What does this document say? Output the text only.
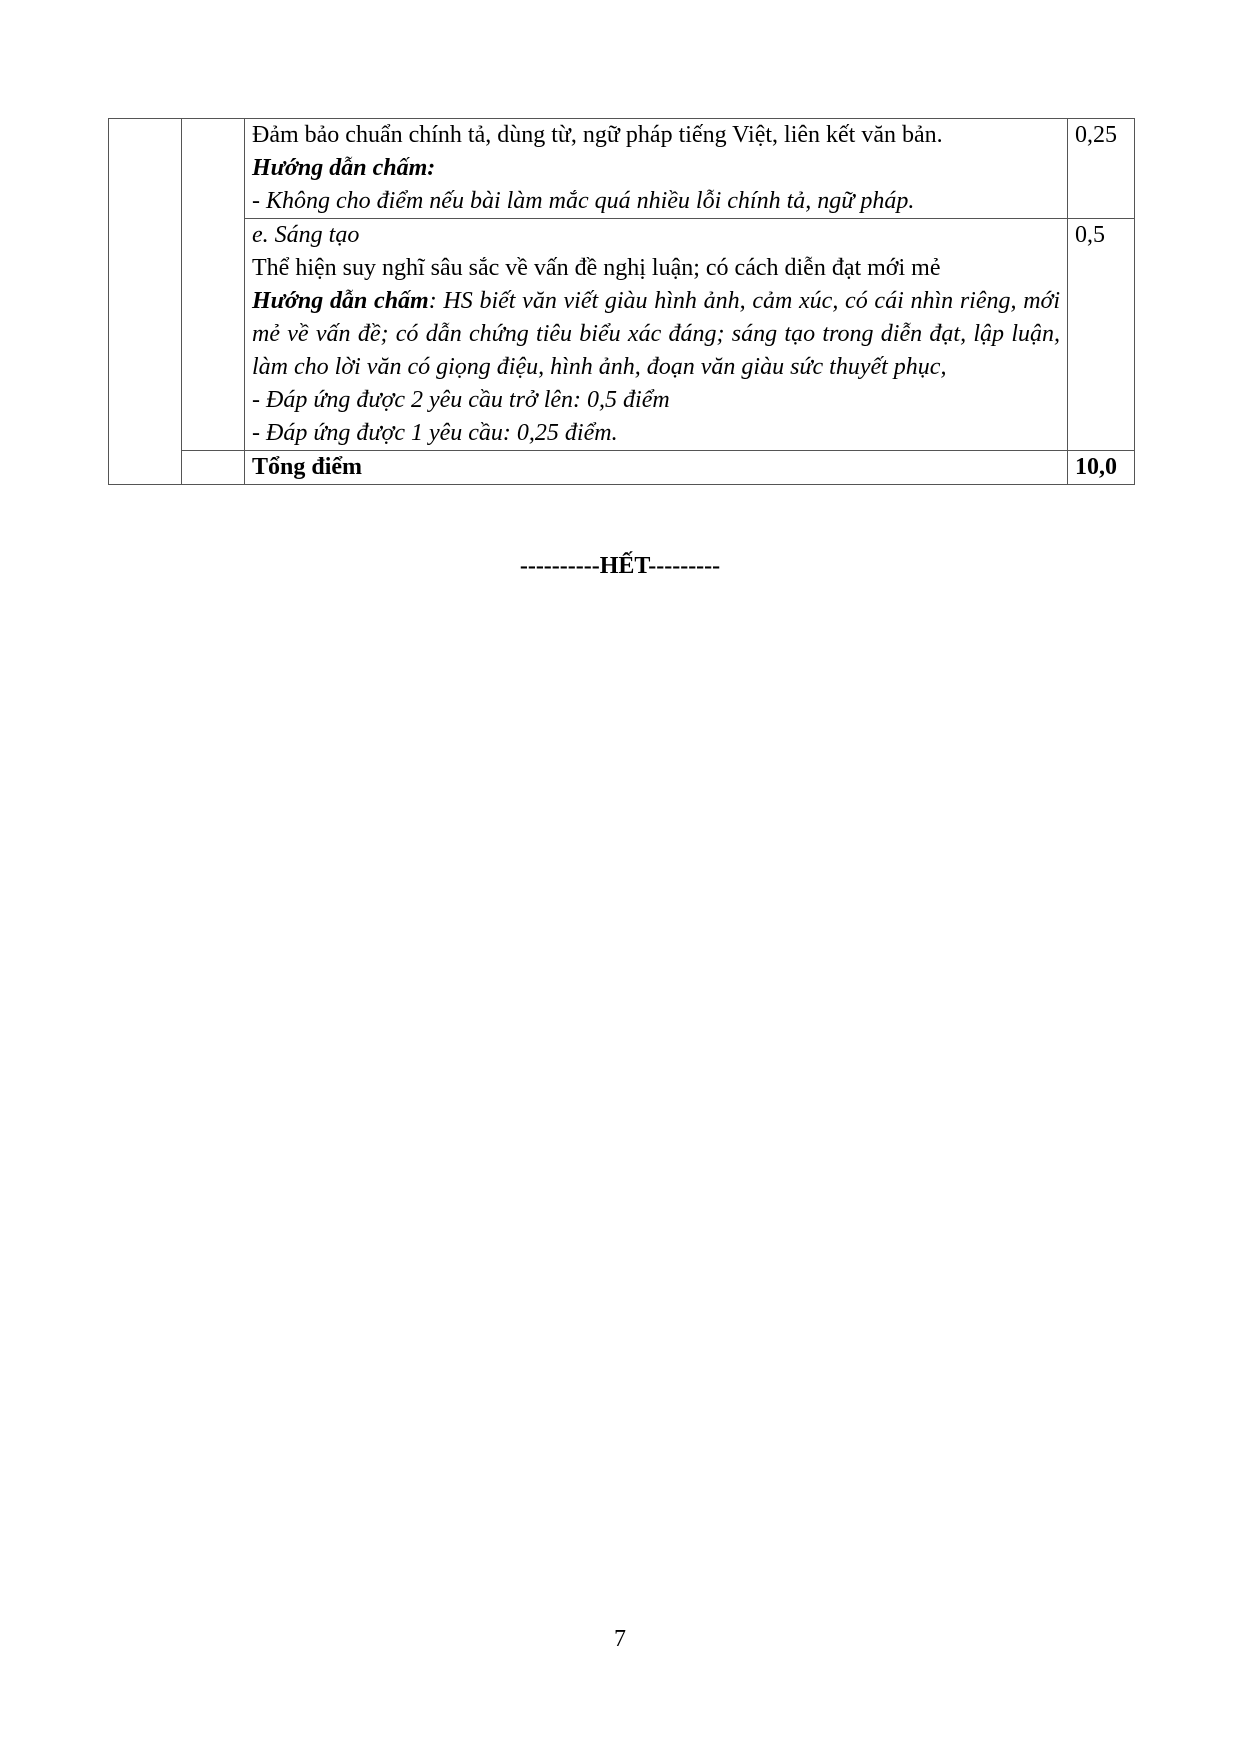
		Đảm bảo chuẩn chính tả, dùng từ, ngữ pháp tiếng Việt, liên kết văn bản.
Hướng dẫn chấm:
- Không cho điểm nếu bài làm mắc quá nhiều lỗi chính tả, ngữ pháp.	0,25

		e. Sáng tạo
Thể hiện suy nghĩ sâu sắc về vấn đề nghị luận; có cách diễn đạt mới mẻ
Hướng dẫn chấm: HS biết văn viết giàu hình ảnh, cảm xúc, có cái nhìn riêng, mới mẻ về vấn đề; có dẫn chứng tiêu biểu xác đáng; sáng tạo trong diễn đạt, lập luận, làm cho lời văn có giọng điệu, hình ảnh, đoạn văn giàu sức thuyết phục,
- Đáp ứng được 2 yêu cầu trở lên: 0,5 điểm
- Đáp ứng được 1 yêu cầu: 0,25 điểm.	0,5
		Tổng điểm	10,0
----------HẾT---------
7
